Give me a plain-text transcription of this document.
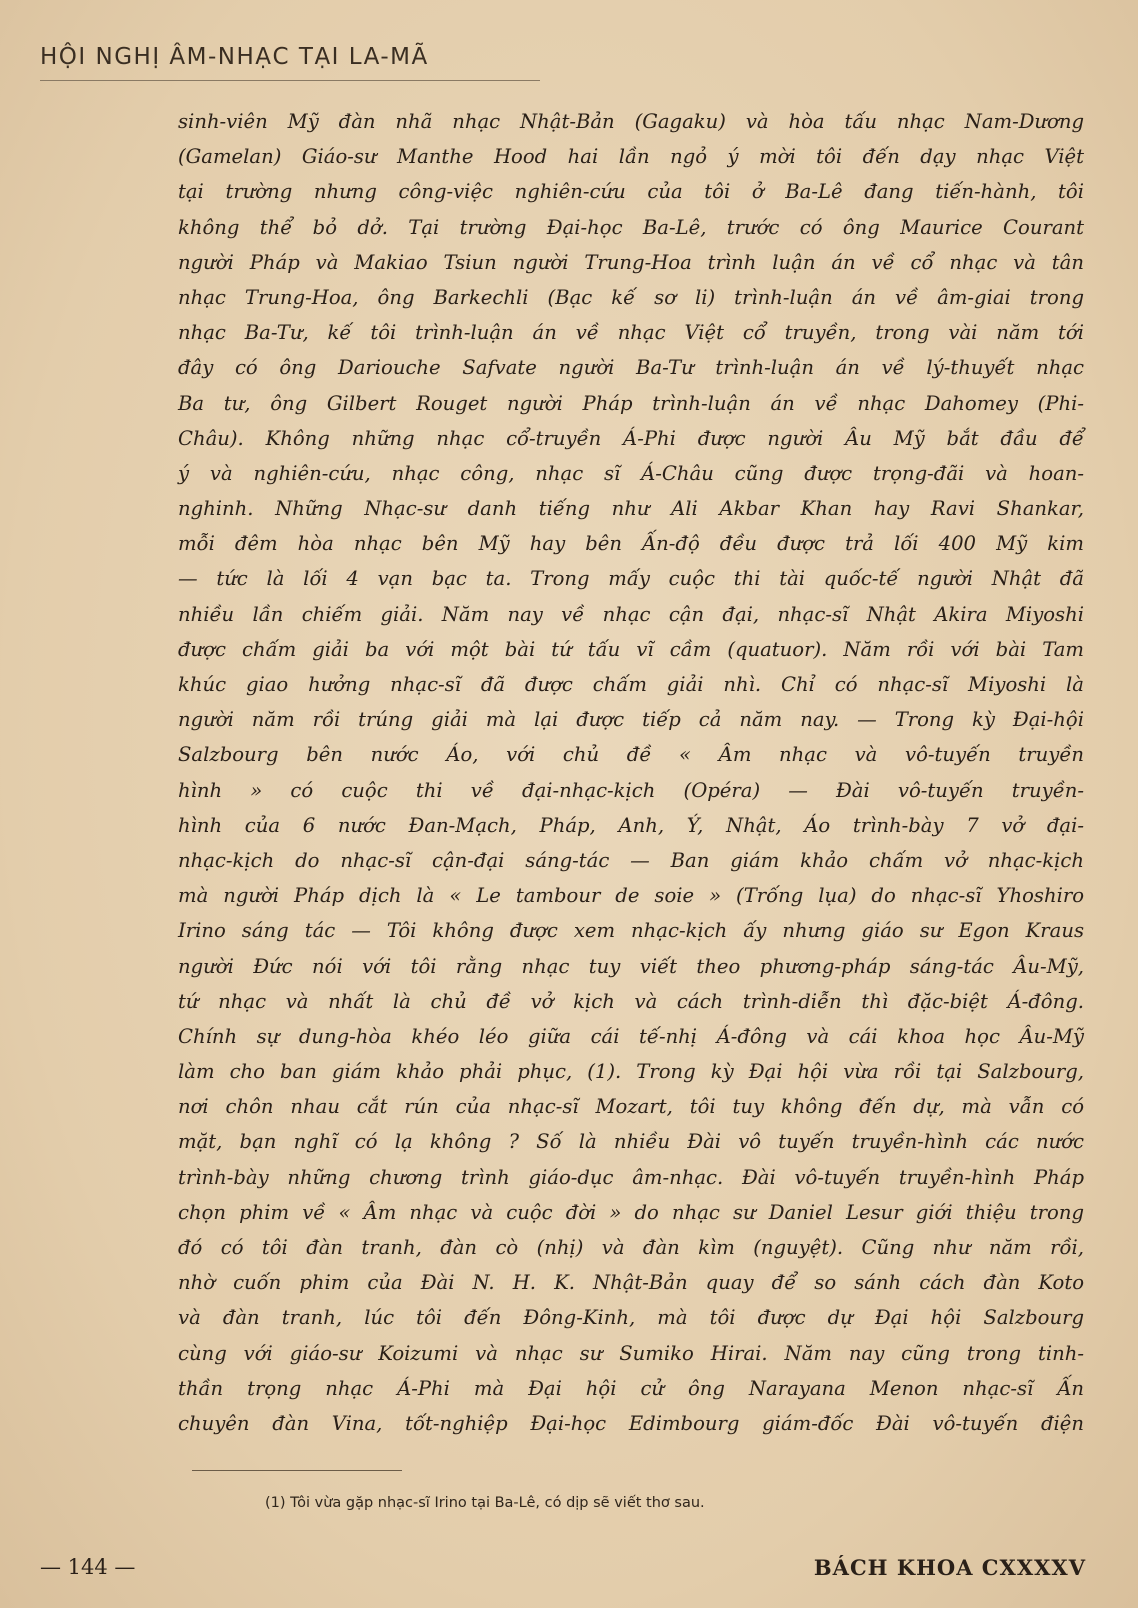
HỘI NGHỊ ÂM-NHẠC TẠI LA-MÃ
sinh-viên Mỹ đàn nhã nhạc Nhật-Bản (Gagaku) và hòa tấu nhạc Nam-Dương
(Gamelan) Giáo-sư Manthe Hood hai lần ngỏ ý mời tôi đến dạy nhạc Việt
tại trường nhưng công-việc nghiên-cứu của tôi ở Ba-Lê đang tiến-hành, tôi
không thể bỏ dở. Tại trường Đại-học Ba-Lê, trước có ông Maurice Courant
người Pháp và Makiao Tsiun người Trung-Hoa trình luận án về cổ nhạc và tân
nhạc Trung-Hoa, ông Barkechli (Bạc kế sơ li) trình-luận án về âm-giai trong
nhạc Ba-Tư, kế tôi trình-luận án về nhạc Việt cổ truyền, trong vài năm tới
đây có ông Dariouche Safvate người Ba-Tư trình-luận án về lý-thuyết nhạc
Ba tư, ông Gilbert Rouget người Pháp trình-luận án về nhạc Dahomey (Phi-
Châu). Không những nhạc cổ-truyền Á-Phi được người Âu Mỹ bắt đầu để
ý và nghiên-cứu, nhạc công, nhạc sĩ Á-Châu cũng được trọng-đãi và hoan-
nghinh. Những Nhạc-sư danh tiếng như Ali Akbar Khan hay Ravi Shankar,
mỗi đêm hòa nhạc bên Mỹ hay bên Ấn-độ đều được trả lối 400 Mỹ kim
— tức là lối 4 vạn bạc ta. Trong mấy cuộc thi tài quốc-tế người Nhật đã
nhiều lần chiếm giải. Năm nay về nhạc cận đại, nhạc-sĩ Nhật Akira Miyoshi
được chấm giải ba với một bài tứ tấu vĩ cầm (quatuor). Năm rồi với bài Tam
khúc giao hưởng nhạc-sĩ đã được chấm giải nhì. Chỉ có nhạc-sĩ Miyoshi là
người năm rồi trúng giải mà lại được tiếp cả năm nay. — Trong kỳ Đại-hội
Salzbourg bên nước Áo, với chủ đề « Âm nhạc và vô-tuyến truyền
hình » có cuộc thi về đại-nhạc-kịch (Opéra) — Đài vô-tuyến truyền-
hình của 6 nước Đan-Mạch, Pháp, Anh, Ý, Nhật, Áo trình-bày 7 vở đại-
nhạc-kịch do nhạc-sĩ cận-đại sáng-tác — Ban giám khảo chấm vở nhạc-kịch
mà người Pháp dịch là « Le tambour de soie » (Trống lụa) do nhạc-sĩ Yhoshiro
Irino sáng tác — Tôi không được xem nhạc-kịch ấy nhưng giáo sư Egon Kraus
người Đức nói với tôi rằng nhạc tuy viết theo phương-pháp sáng-tác Âu-Mỹ,
tứ nhạc và nhất là chủ đề vở kịch và cách trình-diễn thì đặc-biệt Á-đông.
Chính sự dung-hòa khéo léo giữa cái tế-nhị Á-đông và cái khoa học Âu-Mỹ
làm cho ban giám khảo phải phục, (1). Trong kỳ Đại hội vừa rồi tại Salzbourg,
nơi chôn nhau cắt rún của nhạc-sĩ Mozart, tôi tuy không đến dự, mà vẫn có
mặt, bạn nghĩ có lạ không ? Số là nhiều Đài vô tuyến truyền-hình các nước
trình-bày những chương trình giáo-dục âm-nhạc. Đài vô-tuyến truyền-hình Pháp
chọn phim về « Âm nhạc và cuộc đời » do nhạc sư Daniel Lesur giới thiệu trong
đó có tôi đàn tranh, đàn cò (nhị) và đàn kìm (nguyệt). Cũng như năm rồi,
nhờ cuốn phim của Đài N. H. K. Nhật-Bản quay để so sánh cách đàn Koto
và đàn tranh, lúc tôi đến Đông-Kinh, mà tôi được dự Đại hội Salzbourg
cùng với giáo-sư Koizumi và nhạc sư Sumiko Hirai. Năm nay cũng trong tinh-
thần trọng nhạc Á-Phi mà Đại hội cử ông Narayana Menon nhạc-sĩ Ấn
chuyên đàn Vina, tốt-nghiệp Đại-học Edimbourg giám-đốc Đài vô-tuyến điện
(1) Tôi vừa gặp nhạc-sĩ Irino tại Ba-Lê, có dịp sẽ viết thơ sau.
— 144 —	BÁCH KHOA CXXXXV
